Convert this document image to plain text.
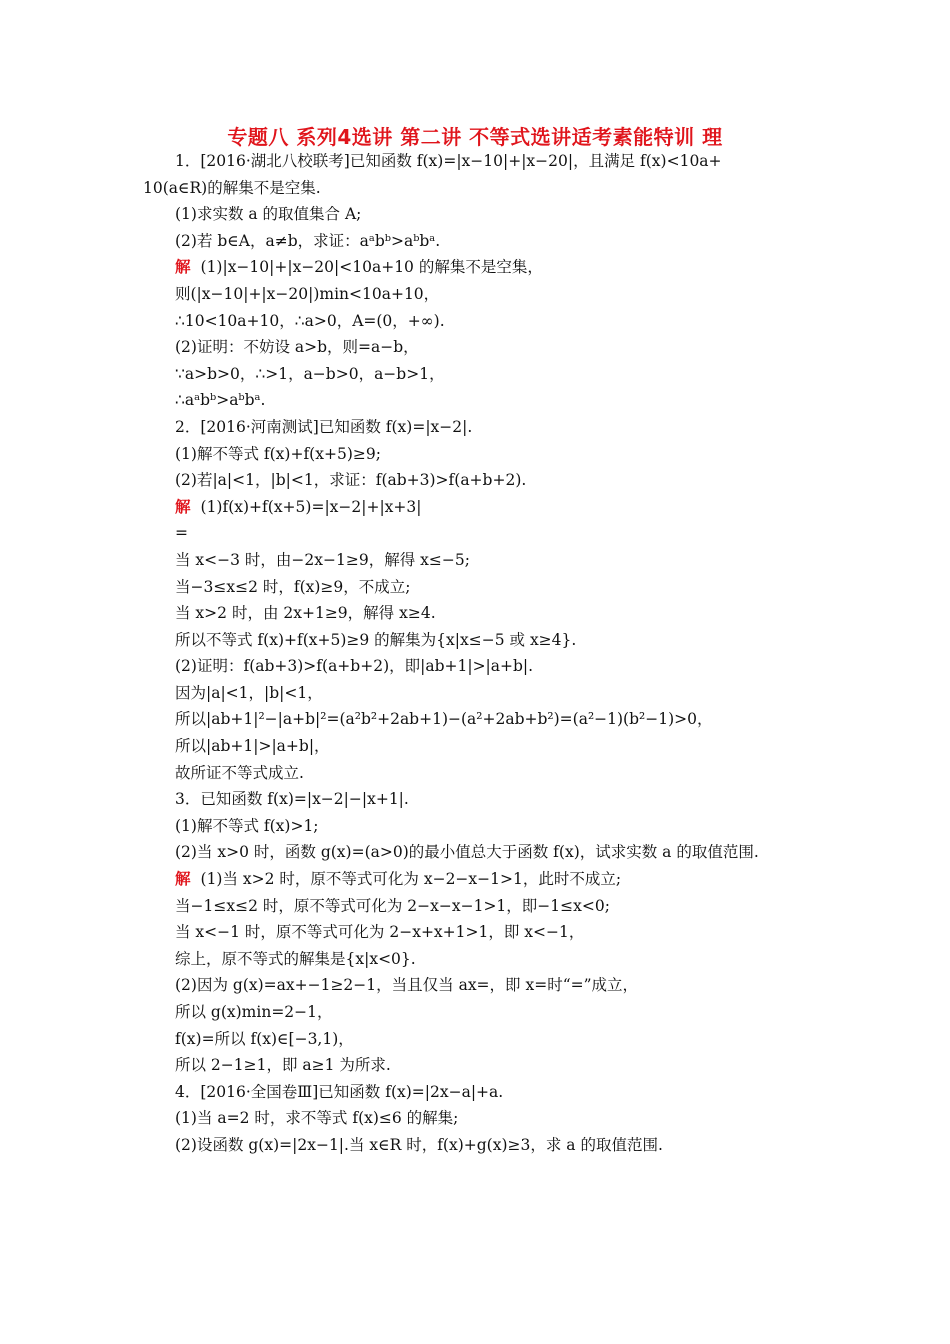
专题八 系列4选讲 第二讲 不等式选讲适考素能特训 理
1．[2016·湖北八校联考]已知函数 f(x)=|x−10|+|x−20|，且满足 f(x)<10a+
10(a∈R)的解集不是空集.
(1)求实数 a 的取值集合 A;
(2)若 b∈A，a≠b，求证：aᵃbᵇ>aᵇbᵃ.
解 (1)|x−10|+|x−20|<10a+10 的解集不是空集，
则(|x−10|+|x−20|)min<10a+10，
∴10<10a+10，∴a>0，A=(0，+∞).
(2)证明：不妨设 a>b，则=a−b，
∵a>b>0，∴>1，a−b>0，a−b>1，
∴aᵃbᵇ>aᵇbᵃ.
2．[2016·河南测试]已知函数 f(x)=|x−2|.
(1)解不等式 f(x)+f(x+5)≥9;
(2)若|a|<1，|b|<1，求证：f(ab+3)>f(a+b+2).
解 (1)f(x)+f(x+5)=|x−2|+|x+3|
=
当 x<−3 时，由−2x−1≥9，解得 x≤−5;
当−3≤x≤2 时，f(x)≥9，不成立;
当 x>2 时，由 2x+1≥9，解得 x≥4.
所以不等式 f(x)+f(x+5)≥9 的解集为{x|x≤−5 或 x≥4}.
(2)证明：f(ab+3)>f(a+b+2)，即|ab+1|>|a+b|.
因为|a|<1，|b|<1，
所以|ab+1|²−|a+b|²=(a²b²+2ab+1)−(a²+2ab+b²)=(a²−1)(b²−1)>0，
所以|ab+1|>|a+b|，
故所证不等式成立.
3．已知函数 f(x)=|x−2|−|x+1|.
(1)解不等式 f(x)>1;
(2)当 x>0 时，函数 g(x)=(a>0)的最小值总大于函数 f(x)，试求实数 a 的取值范围.
解 (1)当 x>2 时，原不等式可化为 x−2−x−1>1，此时不成立;
当−1≤x≤2 时，原不等式可化为 2−x−x−1>1，即−1≤x<0;
当 x<−1 时，原不等式可化为 2−x+x+1>1，即 x<−1，
综上，原不等式的解集是{x|x<0}.
(2)因为 g(x)=ax+−1≥2−1，当且仅当 ax=，即 x=时“=”成立，
所以 g(x)min=2−1，
f(x)=所以 f(x)∈[−3,1)，
所以 2−1≥1，即 a≥1 为所求.
4．[2016·全国卷Ⅲ]已知函数 f(x)=|2x−a|+a.
(1)当 a=2 时，求不等式 f(x)≤6 的解集;
(2)设函数 g(x)=|2x−1|.当 x∈R 时，f(x)+g(x)≥3，求 a 的取值范围.
